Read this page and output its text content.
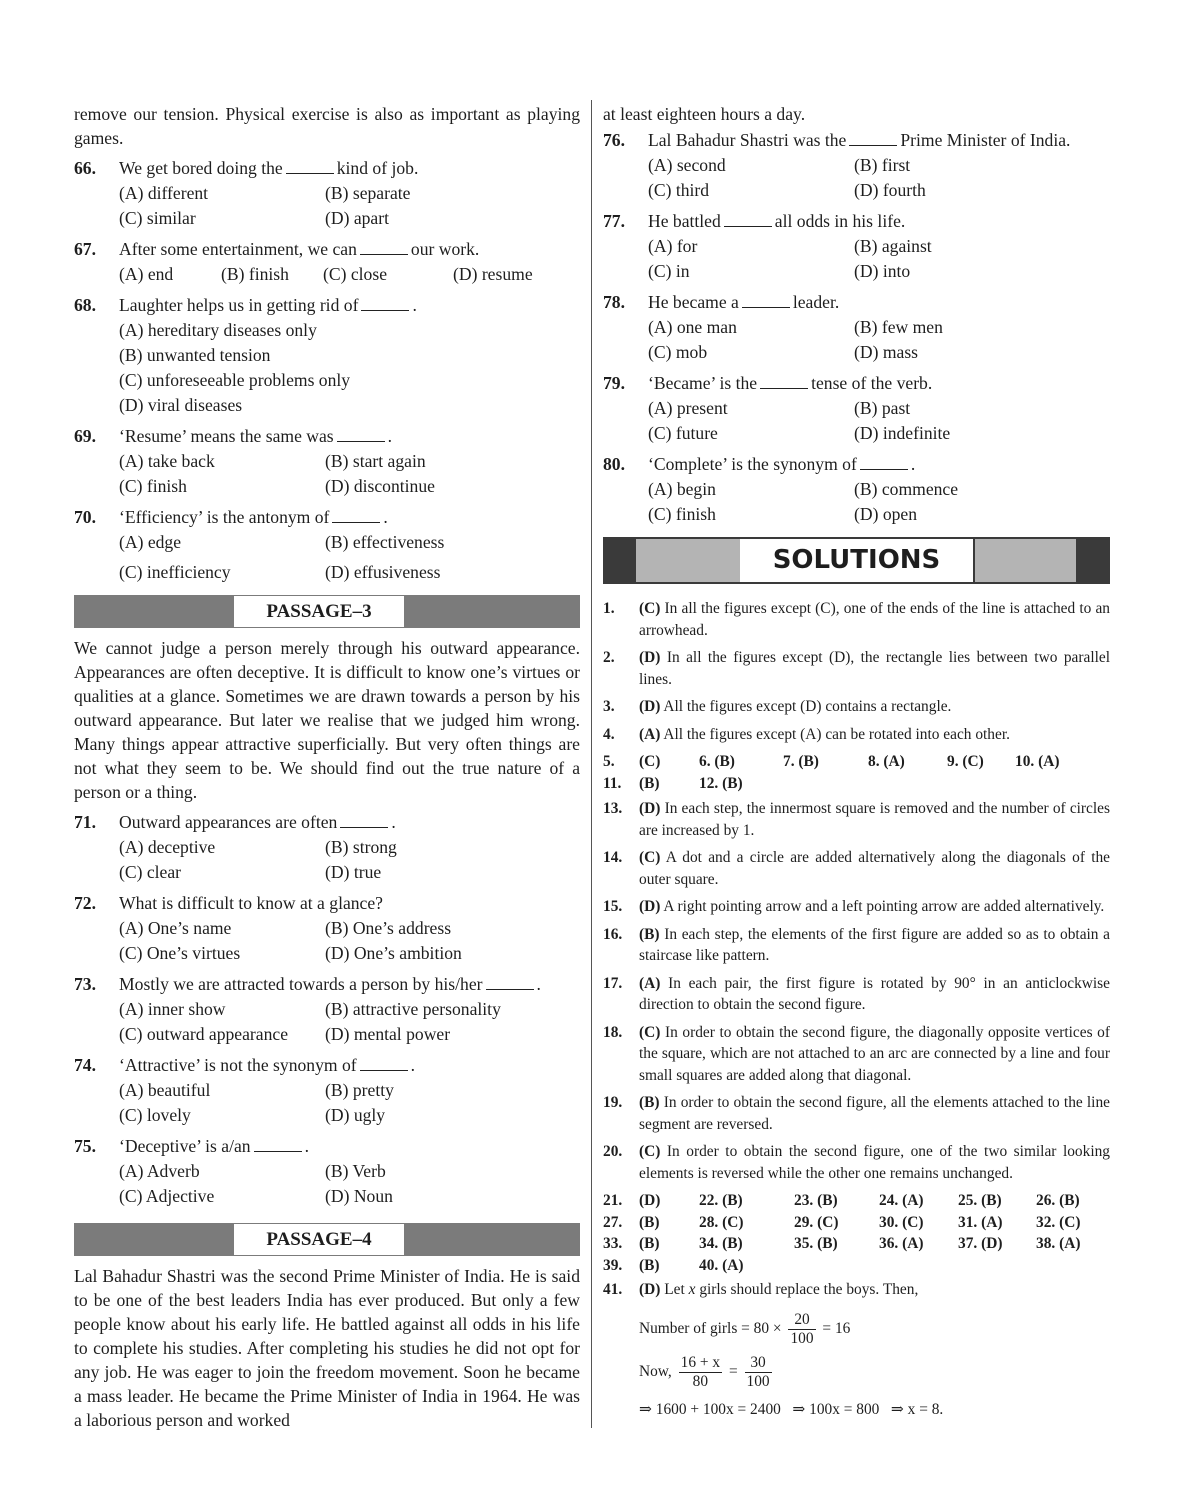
remove our tension. Physical exercise is also as important as playing games.

66. We get bored doing the	kind of job.
(A) different	(B) separate
(C) similar	(D) apart
67. After some entertainment, we can	our work.
(A) end	(B) finish	(C) close	(D) resume
68. Laughter helps us in getting rid of	.
(A) hereditary diseases only
(B) unwanted tension
(C) unforeseeable problems only
(D) viral diseases
69. ‘Resume’ means the same was	.
(A) take back	(B) start again
(C) finish	(D) discontinue
70. ‘Efficiency’ is the antonym of	.
(A) edge	(B) effectiveness
(C) inefficiency	(D) effusiveness
PASSAGE–3

We cannot judge a person merely through his outward appearance. Appearances are often deceptive. It is difficult to know one’s virtues or qualities at a glance. Sometimes we are drawn towards a person by his outward appearance. But later we realise that we judged him wrong. Many things appear attractive superficially. But very often things are not what they seem to be. We should find out the true nature of a person or a thing.

71. Outward appearances are often	.
(A) deceptive	(B) strong
(C) clear	(D) true
72. What is difficult to know at a glance?
(A) One’s name	(B) One’s address
(C) One’s virtues	(D) One’s ambition
73. Mostly we are attracted towards a person by his/her	.
(A) inner show	(B) attractive personality
(C) outward appearance	(D) mental power
74. ‘Attractive’ is not the synonym of	.
(A) beautiful	(B) pretty
(C) lovely	(D) ugly
75. ‘Deceptive’ is a/an	.
(A) Adverb	(B) Verb
(C) Adjective	(D) Noun
PASSAGE–4

Lal Bahadur Shastri was the second Prime Minister of India. He is said to be one of the best leaders India has ever produced. But only a few people know about his early life. He battled against all odds in his life to complete his studies. After completing his studies he did not opt for any job. He was eager to join the freedom movement. Soon he became a mass leader. He became the Prime Minister of India in 1964. He was a laborious person and worked

at least eighteen hours a day.

76. Lal Bahadur Shastri was the	Prime Minister of India.
(A) second	(B) first
(C) third	(D) fourth
77. He battled	all odds in his life.
(A) for	(B) against
(C) in	(D) into
78. He became a	leader.
(A) one man	(B) few men
(C) mob	(D) mass
79. ‘Became’ is the	tense of the verb.
(A) present	(B) past
(C) future	(D) indefinite
80. ‘Complete’ is the synonym of	.
(A) begin	(B) commence
(C) finish	(D) open
SOLUTIONS
1. (C) In all the figures except (C), one of the ends of the line is attached to an arrowhead.
2. (D) In all the figures except (D), the rectangle lies between two parallel lines.
3. (D) All the figures except (D) contains a rectangle.
4. (A) All the figures except (A) can be rotated into each other.
5.	(C)	6. (B)	7. (B)	8. (A)	9. (C)	10. (A)
11.	(B)	12. (B)
13. (D) In each step, the innermost square is removed and the number of circles are increased by 1.
14. (C) A dot and a circle are added alternatively along the diagonals of the outer square.
15. (D) A right pointing arrow and a left pointing arrow are added alternatively.
16. (B) In each step, the elements of the first figure are added so as to obtain a staircase like pattern.
17. (A) In each pair, the first figure is rotated by 90° in an anticlockwise direction to obtain the second figure.
18. (C) In order to obtain the second figure, the diagonally opposite vertices of the square, which are not attached to an arc are connected by a line and four small squares are added along that diagonal.
19. (B) In order to obtain the second figure, all the elements attached to the line segment are reversed.
20. (C) In order to obtain the second figure, one of the two similar looking elements is reversed while the other one remains unchanged.
21.	(D)	22. (B)	23. (B)	24. (A)	25. (B)	26. (B)
27.	(B)	28. (C)	29. (C)	30. (C)	31. (A)	32. (C)
33.	(B)	34. (B)	35. (B)	36. (A)	37. (D)	38. (A)
39.	(B)	40. (A)
41. (D) Let x girls should replace the boys. Then,
Number of girls = $80 \times \frac{20}{100} = 16$
Now, $\frac{16 + x}{80} = \frac{30}{100}$
⇒ 1600 + 100x = 2400   ⇒ 100x = 800   ⇒ x = 8.
